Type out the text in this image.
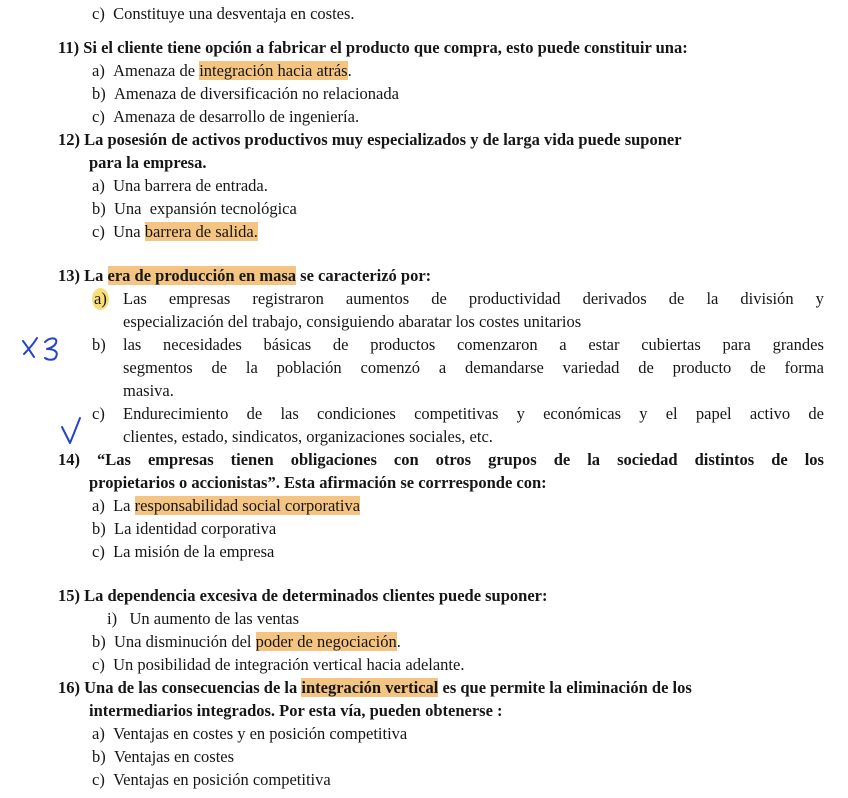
c)  Constituye una desventaja en costes.
11) Si el cliente tiene opción a fabricar el producto que compra, esto puede constituir una:
a)  Amenaza de integración hacia atrás.
b)  Amenaza de diversificación no relacionada
c)  Amenaza de desarrollo de ingeniería.
12) La posesión de activos productivos muy especializados y de larga vida puede suponer
para la empresa.
a)  Una barrera de entrada.
b)  Una  expansión tecnológica
c)  Una barrera de salida.
13) La era de producción en masa se caracterizó por:
a) Las empresas registraron aumentos de productividad derivados de la división y
especialización del trabajo, consiguiendo abaratar los costes unitarios
b) las necesidades básicas de productos comenzaron a estar cubiertas para grandes
segmentos de la población comenzó a demandarse variedad de producto de forma
masiva.
c) Endurecimiento de las condiciones competitivas y económicas y el papel activo de
clientes, estado, sindicatos, organizaciones sociales, etc.
14) “Las empresas tienen obligaciones con otros grupos de la sociedad distintos de los
propietarios o accionistas”. Esta afirmación se corrresponde con:
a)  La responsabilidad social corporativa
b)  La identidad corporativa
c)  La misión de la empresa
15) La dependencia excesiva de determinados clientes puede suponer:
i)   Un aumento de las ventas
b)  Una disminución del poder de negociación.
c)  Un posibilidad de integración vertical hacia adelante.
16) Una de las consecuencias de la integración vertical es que permite la eliminación de los
intermediarios integrados. Por esta vía, pueden obtenerse :
a)  Ventajas en costes y en posición competitiva
b)  Ventajas en costes
c)  Ventajas en posición competitiva
